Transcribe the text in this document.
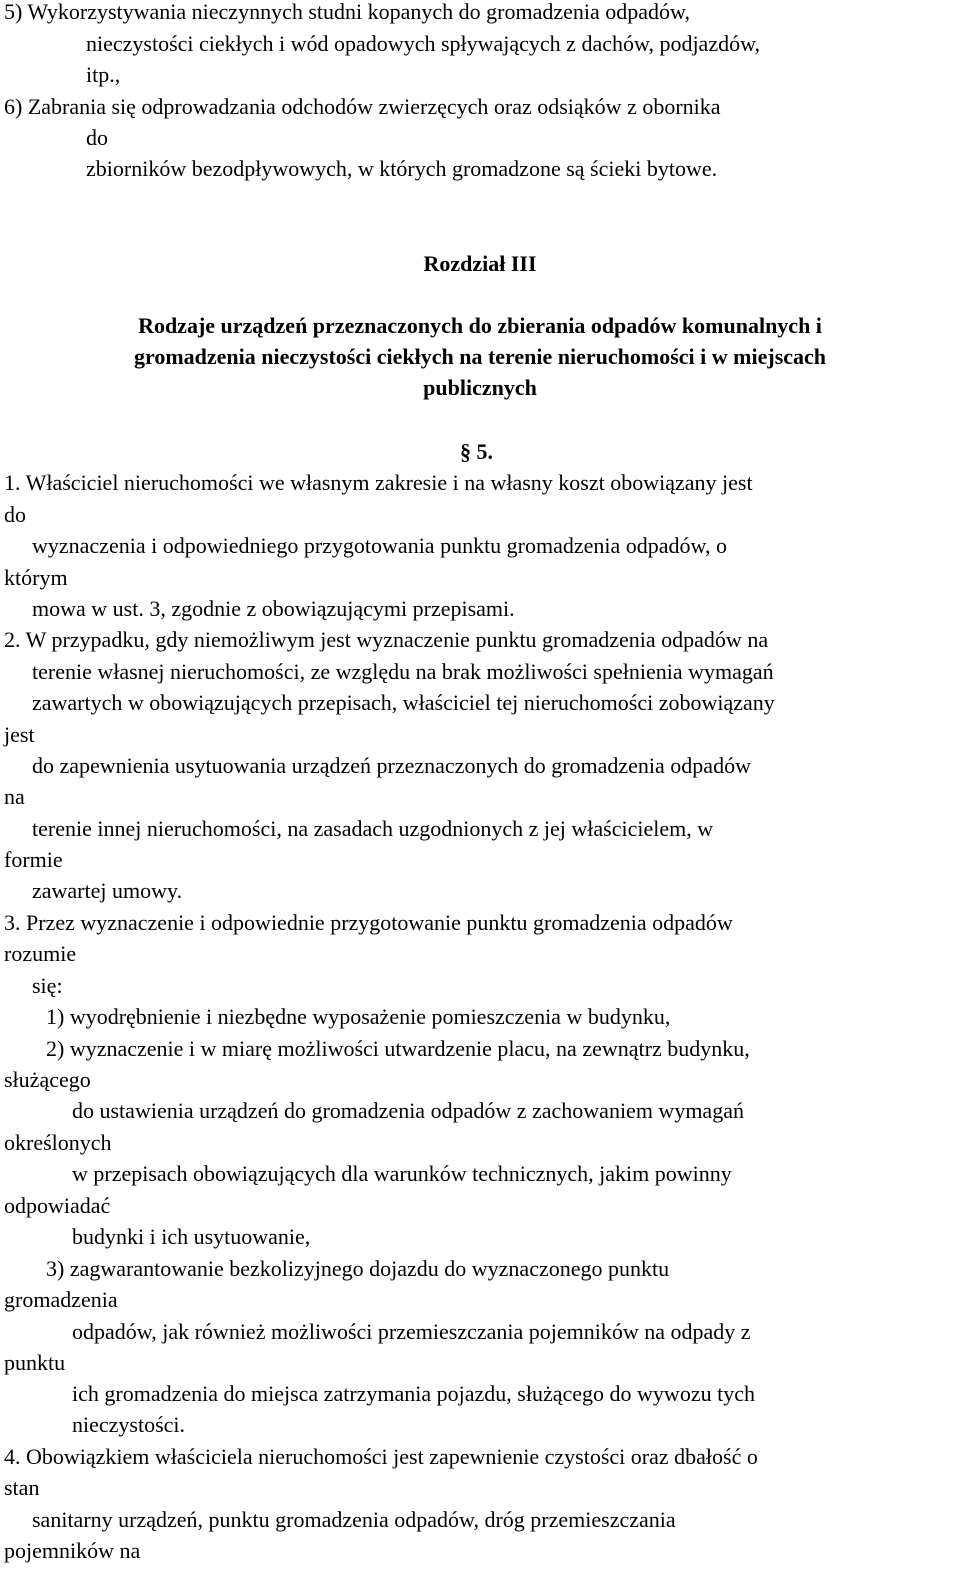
5) Wykorzystywania nieczynnych studni kopanych do gromadzenia odpadów,
nieczystości ciekłych i wód opadowych spływających z dachów, podjazdów,
itp.,
6) Zabrania się odprowadzania odchodów zwierzęcych oraz odsiąków z obornika
do
zbiorników bezodpływowych, w których gromadzone są ścieki bytowe.
Rozdział III
Rodzaje urządzeń przeznaczonych do zbierania odpadów komunalnych i
gromadzenia nieczystości ciekłych na terenie nieruchomości i w miejscach
publicznych
§ 5.
1. Właściciel nieruchomości we własnym zakresie i na własny koszt obowiązany jest
do
wyznaczenia i odpowiedniego przygotowania punktu gromadzenia odpadów, o
którym
mowa w ust. 3, zgodnie z obowiązującymi przepisami.
2. W przypadku, gdy niemożliwym jest wyznaczenie punktu gromadzenia odpadów na
terenie własnej nieruchomości, ze względu na brak możliwości spełnienia wymagań
zawartych w obowiązujących przepisach, właściciel tej nieruchomości zobowiązany
jest
do zapewnienia usytuowania urządzeń przeznaczonych do gromadzenia odpadów
na
terenie innej nieruchomości, na zasadach uzgodnionych z jej właścicielem, w
formie
zawartej umowy.
3. Przez wyznaczenie i odpowiednie przygotowanie punktu gromadzenia odpadów
rozumie
się:
1) wyodrębnienie i niezbędne wyposażenie pomieszczenia w budynku,
2) wyznaczenie i w miarę możliwości utwardzenie placu, na zewnątrz budynku,
służącego
do ustawienia urządzeń do gromadzenia odpadów z zachowaniem wymagań
określonych
w przepisach obowiązujących dla warunków technicznych, jakim powinny
odpowiadać
budynki i ich usytuowanie,
3) zagwarantowanie bezkolizyjnego dojazdu do wyznaczonego punktu
gromadzenia
odpadów, jak również możliwości przemieszczania pojemników na odpady z
punktu
ich gromadzenia do miejsca zatrzymania pojazdu, służącego do wywozu tych
nieczystości.
4. Obowiązkiem właściciela nieruchomości jest zapewnienie czystości oraz dbałość o
stan
sanitarny urządzeń, punktu gromadzenia odpadów, dróg przemieszczania
pojemników na
